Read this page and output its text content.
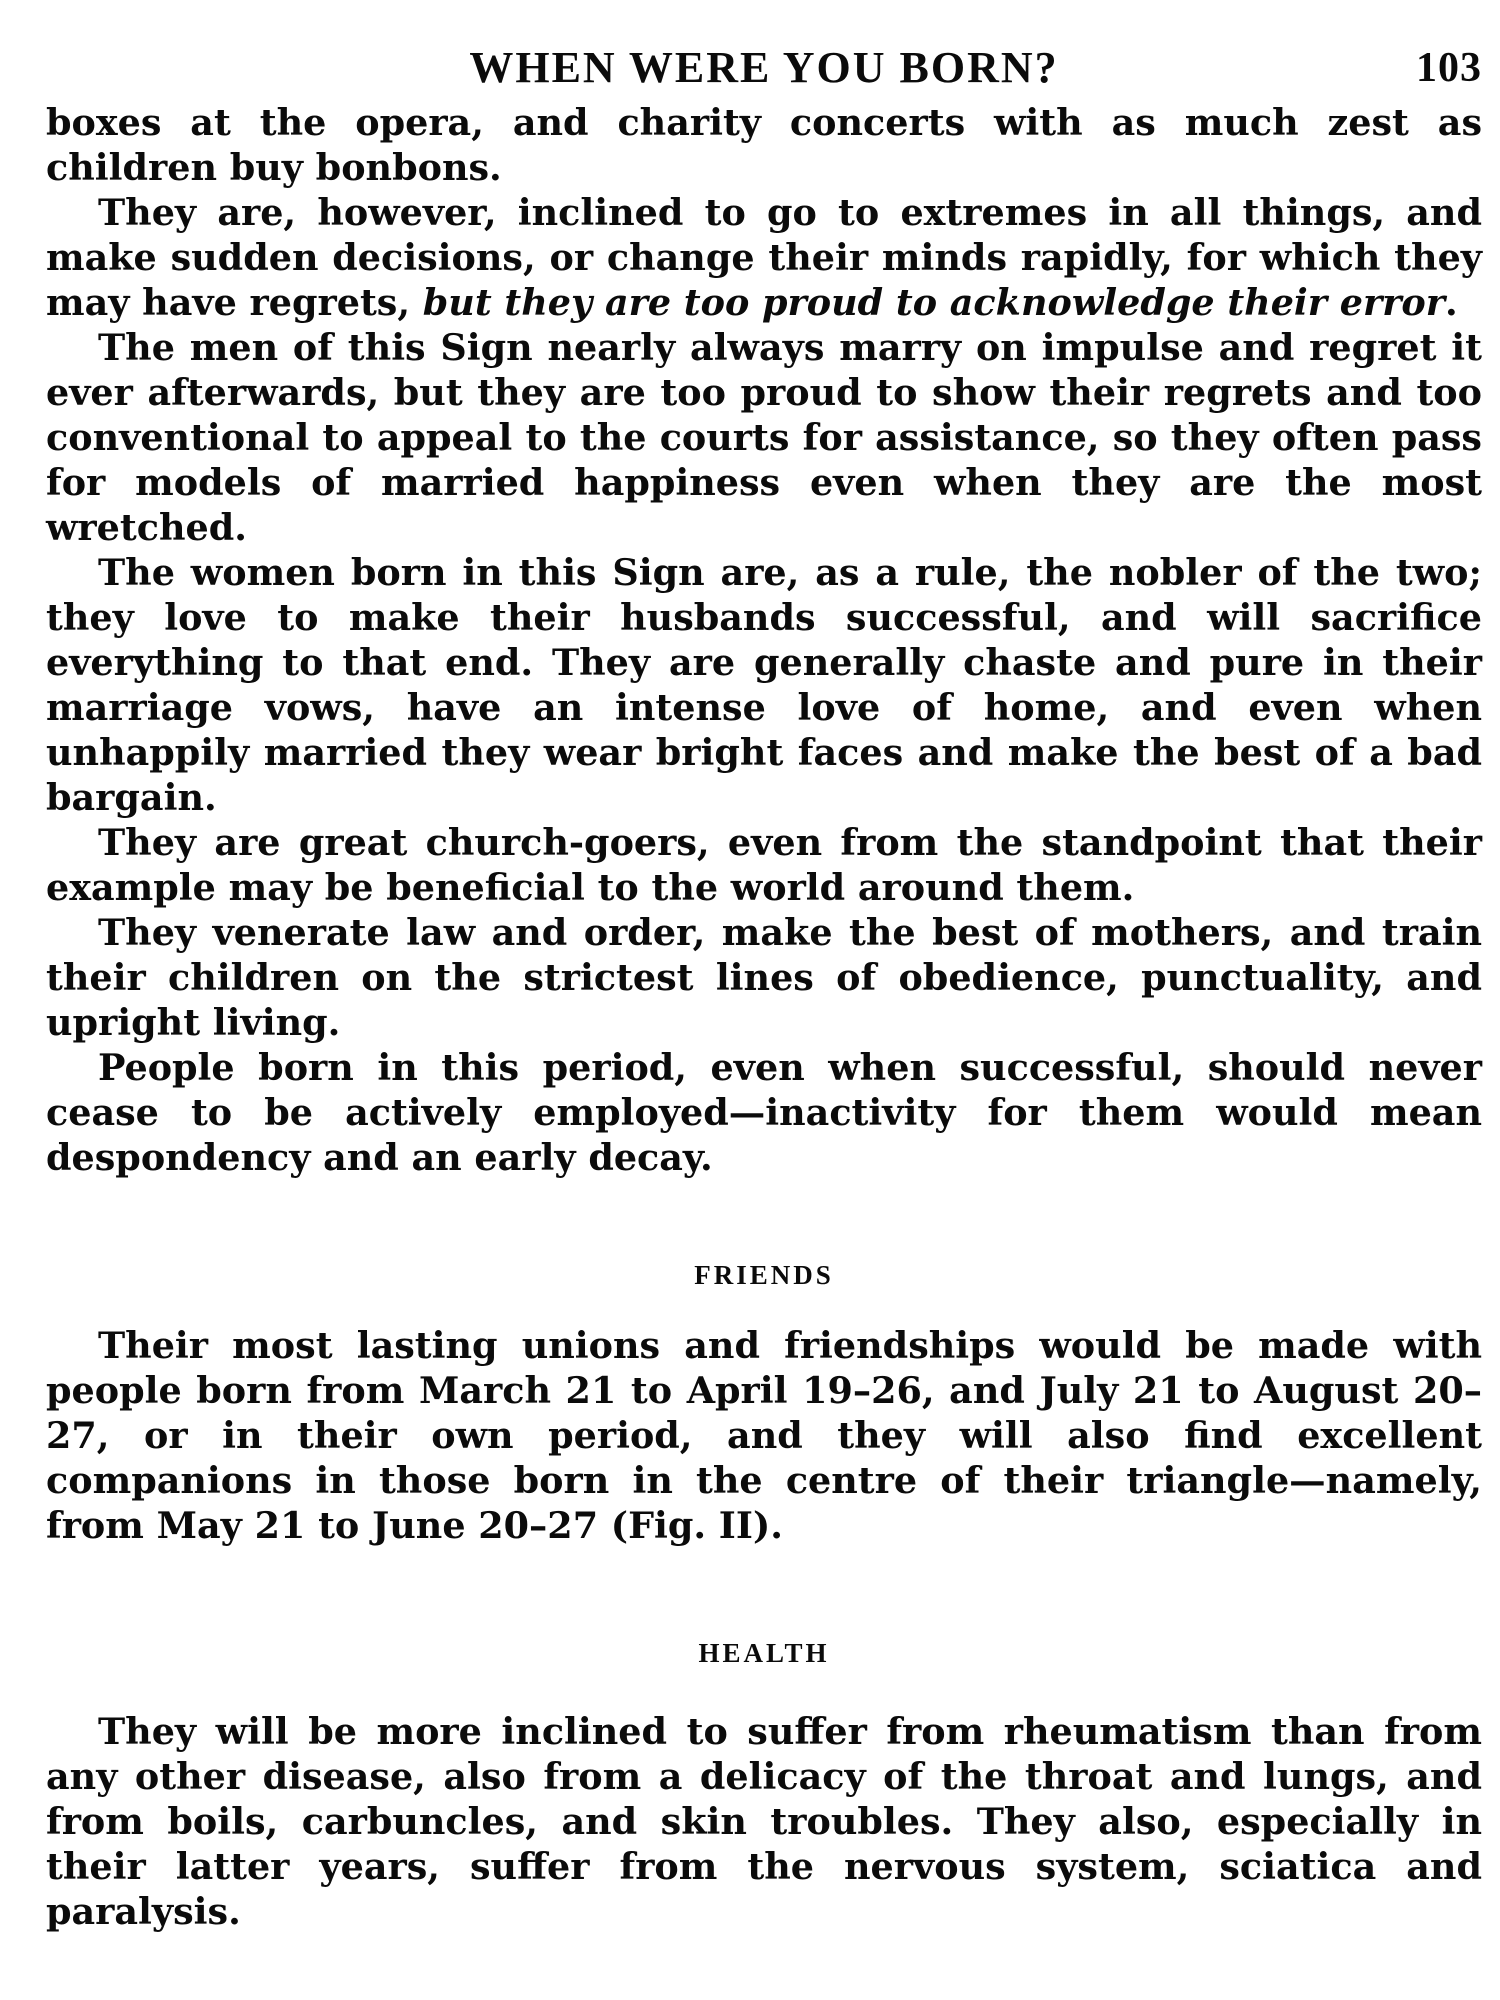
WHEN WERE YOU BORN?	103

boxes at the opera, and charity concerts with as much zest as children buy bonbons.

They are, however, inclined to go to extremes in all things, and make sudden decisions, or change their minds rapidly, for which they may have regrets, but they are too proud to acknowledge their error.

The men of this Sign nearly always marry on impulse and regret it ever afterwards, but they are too proud to show their regrets and too conventional to appeal to the courts for assistance, so they often pass for models of married happiness even when they are the most wretched.

The women born in this Sign are, as a rule, the nobler of the two; they love to make their husbands successful, and will sacrifice everything to that end. They are generally chaste and pure in their marriage vows, have an intense love of home, and even when unhappily married they wear bright faces and make the best of a bad bargain.

They are great church-goers, even from the standpoint that their example may be beneficial to the world around them.

They venerate law and order, make the best of mothers, and train their children on the strictest lines of obedience, punctuality, and upright living.

People born in this period, even when successful, should never cease to be actively employed—inactivity for them would mean despondency and an early decay.

FRIENDS

Their most lasting unions and friendships would be made with people born from March 21 to April 19–26, and July 21 to August 20–27, or in their own period, and they will also find excellent companions in those born in the centre of their triangle—namely, from May 21 to June 20–27 (Fig. II).

HEALTH

They will be more inclined to suffer from rheumatism than from any other disease, also from a delicacy of the throat and lungs, and from boils, carbuncles, and skin troubles. They also, especially in their latter years, suffer from the nervous system, sciatica and paralysis.
